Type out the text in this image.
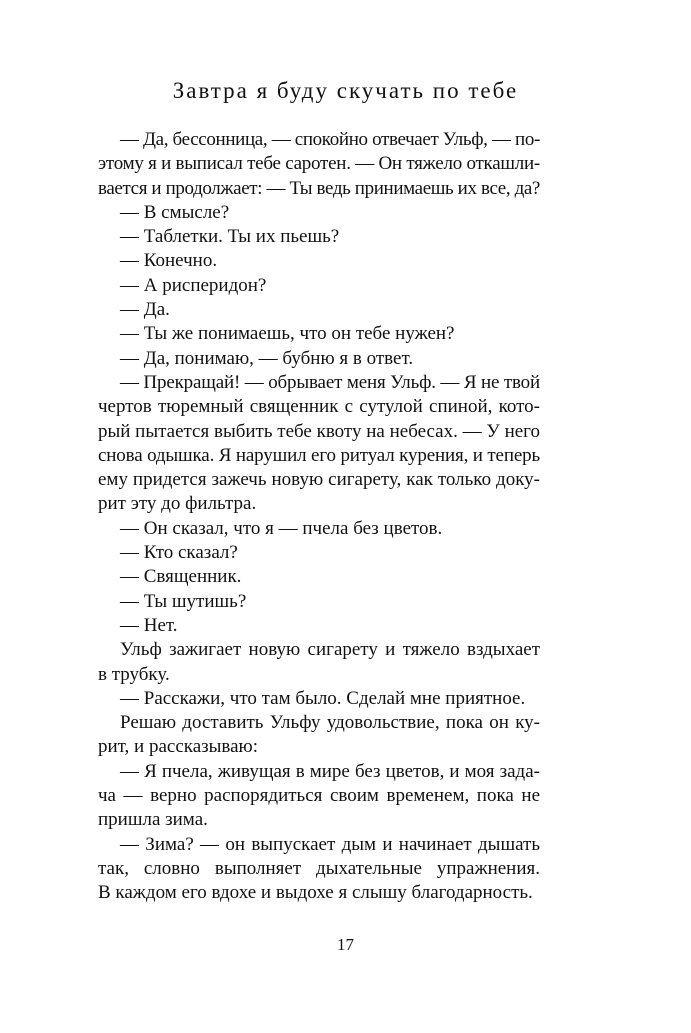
Завтра я буду скучать по тебе

— Да, бессонница, — спокойно отвечает Ульф, — по-
этому я и выписал тебе саротен. — Он тяжело откашли-
вается и продолжает: — Ты ведь принимаешь их все, да?

— В смысле?

— Таблетки. Ты их пьешь?

— Конечно.

— А рисперидон?

— Да.

— Ты же понимаешь, что он тебе нужен?

— Да, понимаю, — бубню я в ответ.

— Прекращай! — обрывает меня Ульф. — Я не твой
чертов тюремный священник с сутулой спиной, кото-
рый пытается выбить тебе квоту на небесах. — У него
снова одышка. Я нарушил его ритуал курения, и теперь
ему придется зажечь новую сигарету, как только доку-
рит эту до фильтра.

— Он сказал, что я — пчела без цветов.

— Кто сказал?

— Священник.

— Ты шутишь?

— Нет.

Ульф зажигает новую сигарету и тяжело вздыхает
в трубку.

— Расскажи, что там было. Сделай мне приятное.

Решаю доставить Ульфу удовольствие, пока он ку-
рит, и рассказываю:

— Я пчела, живущая в мире без цветов, и моя зада-
ча — верно распорядиться своим временем, пока не
пришла зима.

— Зима? — он выпускает дым и начинает дышать
так, словно выполняет дыхательные упражнения.
В каждом его вдохе и выдохе я слышу благодарность.

17
